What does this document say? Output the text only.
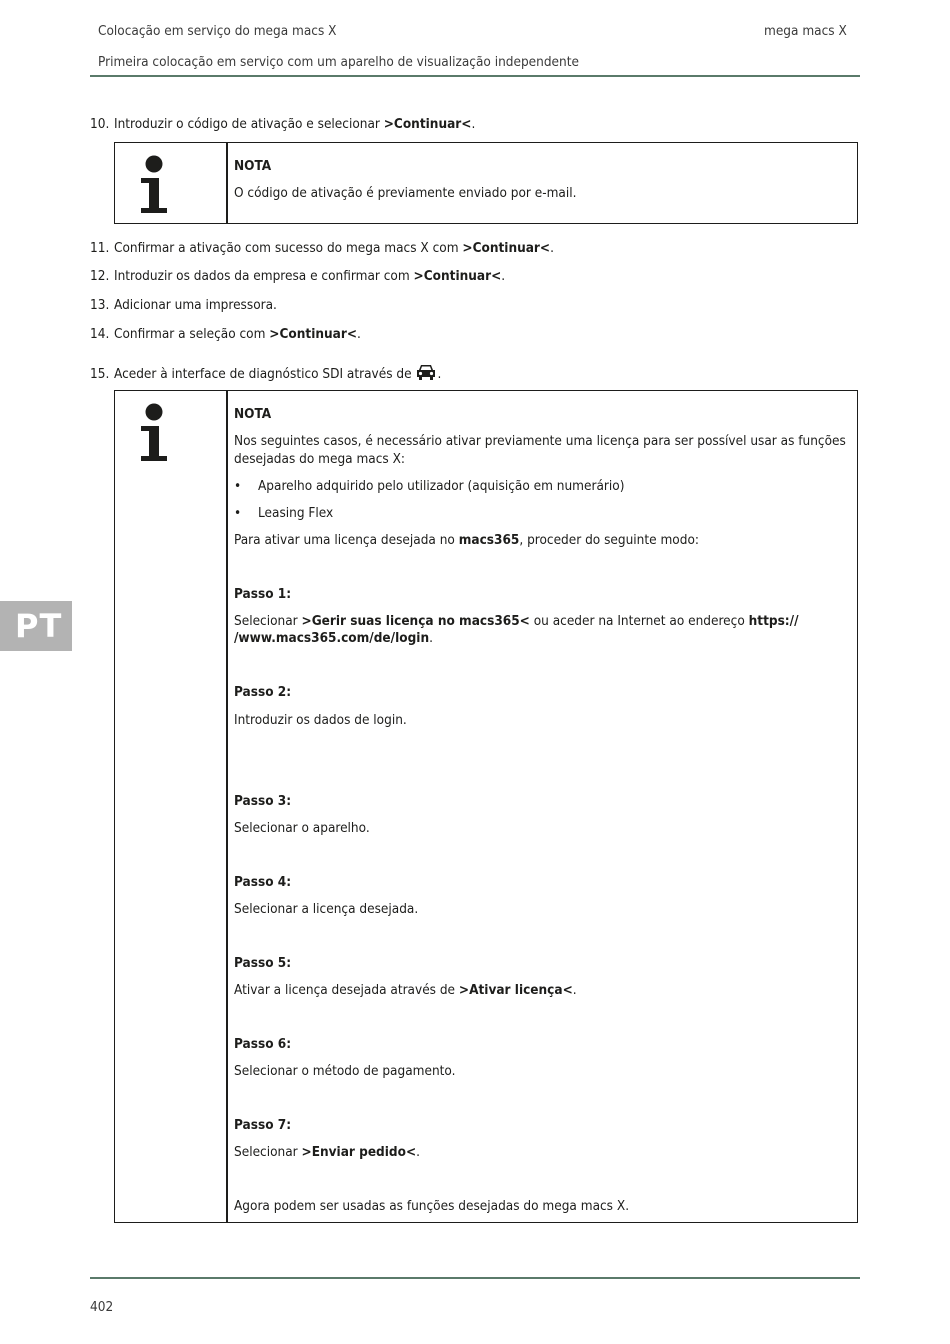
Colocação em serviço do mega macs X	mega macs X
Primeira colocação em serviço com um aparelho de visualização independente
10. Introduzir o código de ativação e selecionar >Continuar<.
NOTA
O código de ativação é previamente enviado por e-mail.
11. Confirmar a ativação com sucesso do mega macs X com >Continuar<.
12. Introduzir os dados da empresa e confirmar com >Continuar<.
13. Adicionar uma impressora.
14. Confirmar a seleção com >Continuar<.
15. Aceder à interface de diagnóstico SDI através de .
NOTA
Nos seguintes casos, é necessário ativar previamente uma licença para ser possível usar as funções desejadas do mega macs X:
• Aparelho adquirido pelo utilizador (aquisição em numerário)
• Leasing Flex
Para ativar uma licença desejada no macs365, proceder do seguinte modo:
Passo 1:
Selecionar >Gerir suas licença no macs365< ou aceder na Internet ao endereço https://
/www.macs365.com/de/login.
Passo 2:
Introduzir os dados de login.
Passo 3:
Selecionar o aparelho.
Passo 4:
Selecionar a licença desejada.
Passo 5:
Ativar a licença desejada através de >Ativar licença<.
Passo 6:
Selecionar o método de pagamento.
Passo 7:
Selecionar >Enviar pedido<.
Agora podem ser usadas as funções desejadas do mega macs X.
PT
402
